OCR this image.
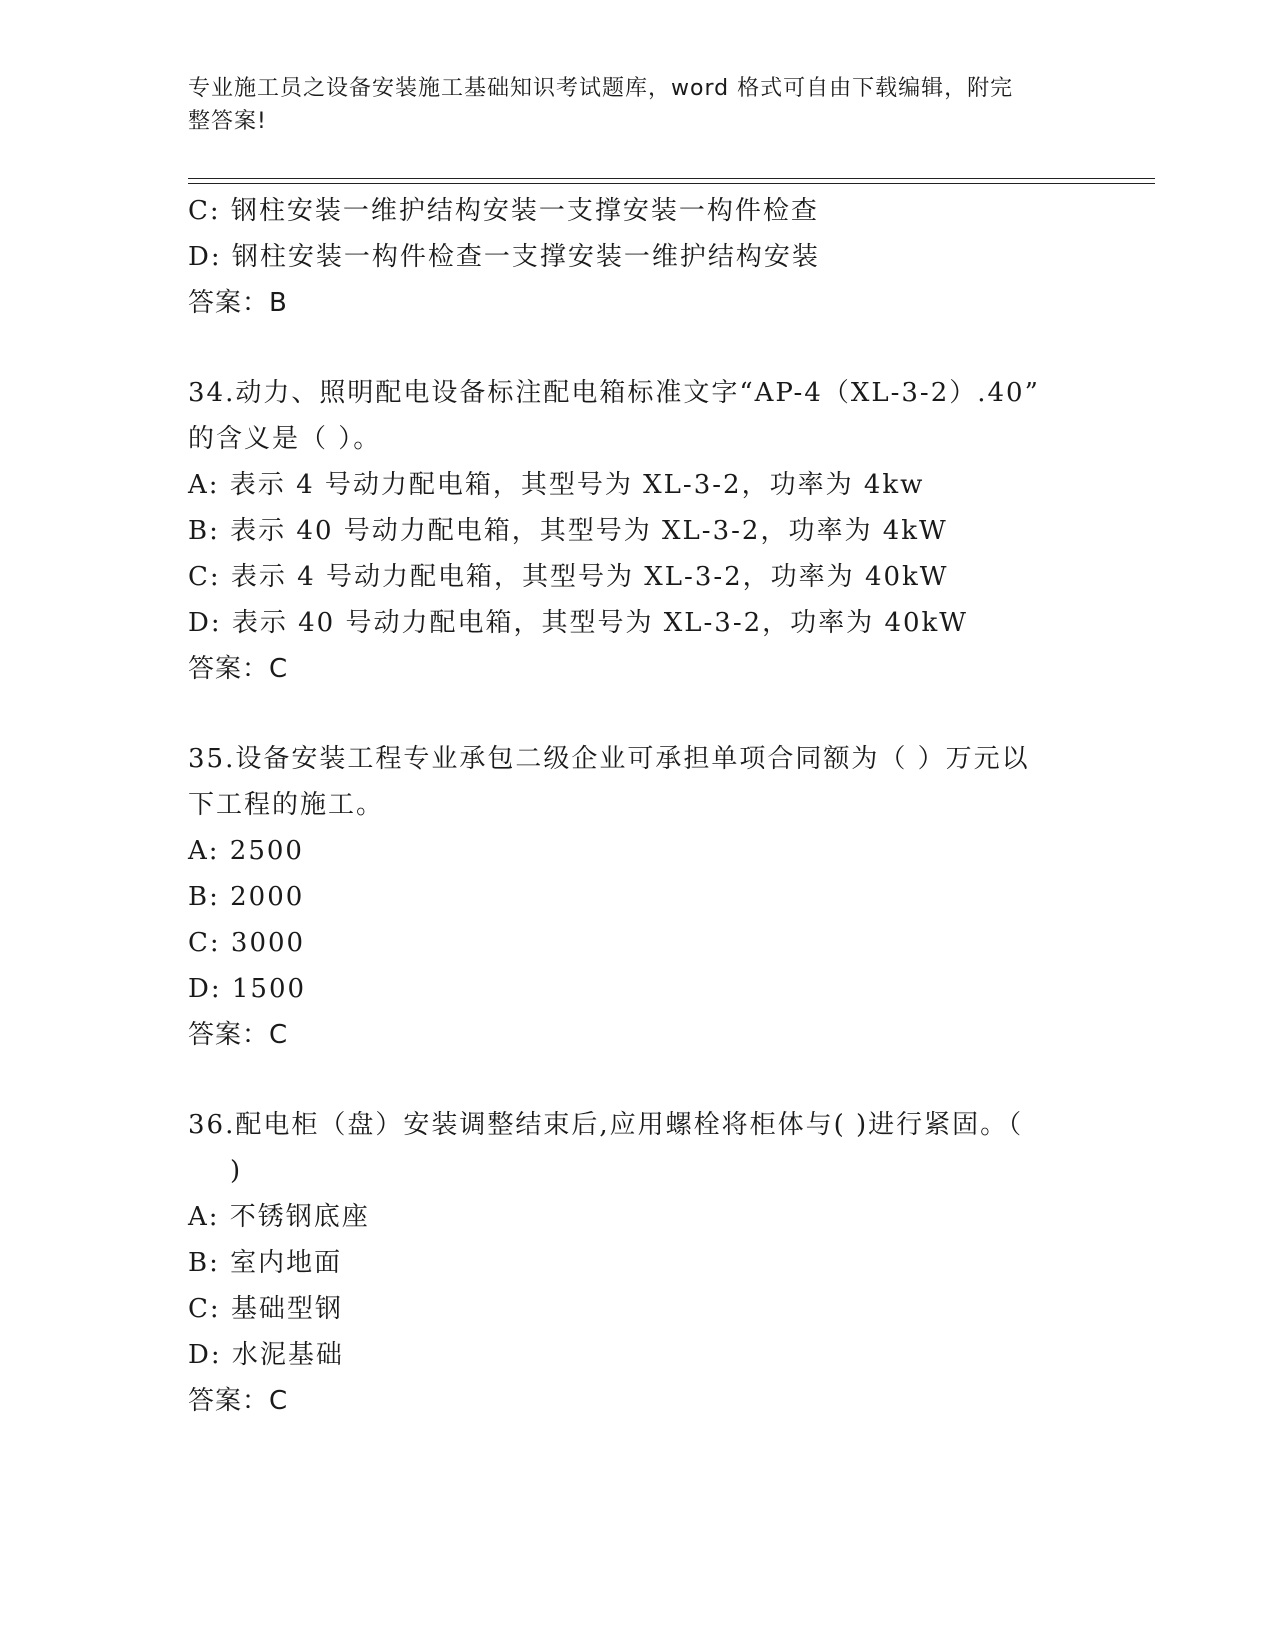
专业施工员之设备安装施工基础知识考试题库，word 格式可自由下载编辑，附完
整答案!
C: 钢柱安装一维护结构安装一支撑安装一构件检查
D: 钢柱安装一构件检查一支撑安装一维护结构安装
答案：B
34.动力、照明配电设备标注配电箱标准文字“AP-4（XL-3-2）.40”
的含义是（ ）。
A: 表示 4 号动力配电箱，其型号为 XL-3-2，功率为 4kw
B: 表示 40 号动力配电箱，其型号为 XL-3-2，功率为 4kW
C: 表示 4 号动力配电箱，其型号为 XL-3-2，功率为 40kW
D: 表示 40 号动力配电箱，其型号为 XL-3-2，功率为 40kW
答案：C
35.设备安装工程专业承包二级企业可承担单项合同额为（ ）万元以
下工程的施工。
A: 2500
B: 2000
C: 3000
D: 1500
答案：C
36.配电柜（盘）安装调整结束后,应用螺栓将柜体与( )进行紧固。（
)
A: 不锈钢底座
B: 室内地面
C: 基础型钢
D: 水泥基础
答案：C
